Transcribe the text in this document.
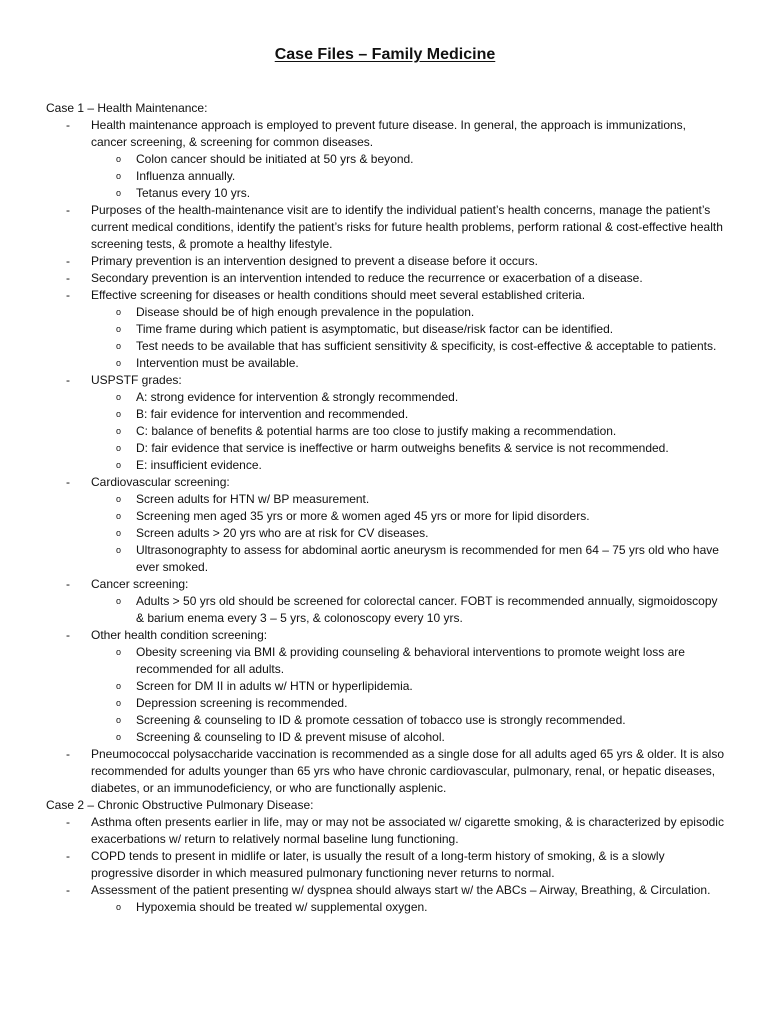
Case Files – Family Medicine
Case 1 – Health Maintenance:
- Health maintenance approach is employed to prevent future disease. In general, the approach is immunizations, cancer screening, & screening for common diseases.
o Colon cancer should be initiated at 50 yrs & beyond.
o Influenza annually.
o Tetanus every 10 yrs.
- Purposes of the health-maintenance visit are to identify the individual patient’s health concerns, manage the patient’s current medical conditions, identify the patient’s risks for future health problems, perform rational & cost-effective health screening tests, & promote a healthy lifestyle.
- Primary prevention is an intervention designed to prevent a disease before it occurs.
- Secondary prevention is an intervention intended to reduce the recurrence or exacerbation of a disease.
- Effective screening for diseases or health conditions should meet several established criteria.
o Disease should be of high enough prevalence in the population.
o Time frame during which patient is asymptomatic, but disease/risk factor can be identified.
o Test needs to be available that has sufficient sensitivity & specificity, is cost-effective & acceptable to patients.
o Intervention must be available.
- USPSTF grades:
o A: strong evidence for intervention & strongly recommended.
o B: fair evidence for intervention and recommended.
o C: balance of benefits & potential harms are too close to justify making a recommendation.
o D: fair evidence that service is ineffective or harm outweighs benefits & service is not recommended.
o E: insufficient evidence.
- Cardiovascular screening:
o Screen adults for HTN w/ BP measurement.
o Screening men aged 35 yrs or more & women aged 45 yrs or more for lipid disorders.
o Screen adults > 20 yrs who are at risk for CV diseases.
o Ultrasonographty to assess for abdominal aortic aneurysm is recommended for men 64 – 75 yrs old who have ever smoked.
- Cancer screening:
o Adults > 50 yrs old should be screened for colorectal cancer. FOBT is recommended annually, sigmoidoscopy & barium enema every 3 – 5 yrs, & colonoscopy every 10 yrs.
- Other health condition screening:
o Obesity screening via BMI & providing counseling & behavioral interventions to promote weight loss are recommended for all adults.
o Screen for DM II in adults w/ HTN or hyperlipidemia.
o Depression screening is recommended.
o Screening & counseling to ID & promote cessation of tobacco use is strongly recommended.
o Screening & counseling to ID & prevent misuse of alcohol.
- Pneumococcal polysaccharide vaccination is recommended as a single dose for all adults aged 65 yrs & older. It is also recommended for adults younger than 65 yrs who have chronic cardiovascular, pulmonary, renal, or hepatic diseases, diabetes, or an immunodeficiency, or who are functionally asplenic.
Case 2 – Chronic Obstructive Pulmonary Disease:
- Asthma often presents earlier in life, may or may not be associated w/ cigarette smoking, & is characterized by episodic exacerbations w/ return to relatively normal baseline lung functioning.
- COPD tends to present in midlife or later, is usually the result of a long-term history of smoking, & is a slowly progressive disorder in which measured pulmonary functioning never returns to normal.
- Assessment of the patient presenting w/ dyspnea should always start w/ the ABCs – Airway, Breathing, & Circulation.
o Hypoxemia should be treated w/ supplemental oxygen.
